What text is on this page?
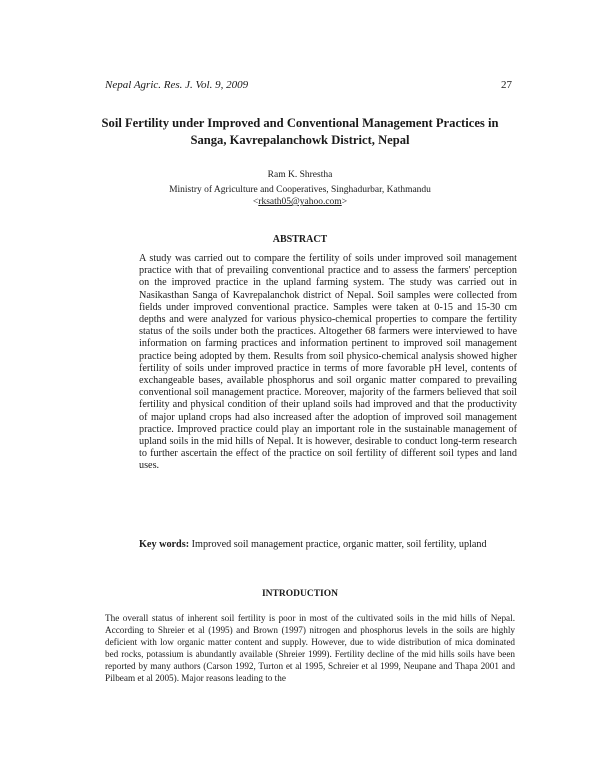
Nepal Agric. Res. J. Vol. 9, 2009	27
Soil Fertility under Improved and Conventional Management Practices in Sanga, Kavrepalanchowk District, Nepal
Ram K. Shrestha
Ministry of Agriculture and Cooperatives, Singhadurbar, Kathmandu
<rksath05@yahoo.com>
ABSTRACT

A study was carried out to compare the fertility of soils under improved soil management practice with that of prevailing conventional practice and to assess the farmers' perception on the improved practice in the upland farming system. The study was carried out in Nasikasthan Sanga of Kavrepalanchok district of Nepal. Soil samples were collected from fields under improved conventional practice. Samples were taken at 0-15 and 15-30 cm depths and were analyzed for various physico-chemical properties to compare the fertility status of the soils under both the practices. Altogether 68 farmers were interviewed to have information on farming practices and information pertinent to improved soil management practice being adopted by them. Results from soil physico-chemical analysis showed higher fertility of soils under improved practice in terms of more favorable pH level, contents of exchangeable bases, available phosphorus and soil organic matter compared to prevailing conventional soil management practice. Moreover, majority of the farmers believed that soil fertility and physical condition of their upland soils had improved and that the productivity of major upland crops had also increased after the adoption of improved soil management practice. Improved practice could play an important role in the sustainable management of upland soils in the mid hills of Nepal. It is however, desirable to conduct long-term research to further ascertain the effect of the practice on soil fertility of different soil types and land uses.

Key words: Improved soil management practice, organic matter, soil fertility, upland

INTRODUCTION

The overall status of inherent soil fertility is poor in most of the cultivated soils in the mid hills of Nepal. According to Shreier et al (1995) and Brown (1997) nitrogen and phosphorus levels in the soils are highly deficient with low organic matter content and supply. However, due to wide distribution of mica dominated bed rocks, potassium is abundantly available (Shreier 1999). Fertility decline of the mid hills soils have been reported by many authors (Carson 1992, Turton et al 1995, Schreier et al 1999, Neupane and Thapa 2001 and Pilbeam et al 2005). Major reasons leading to the
